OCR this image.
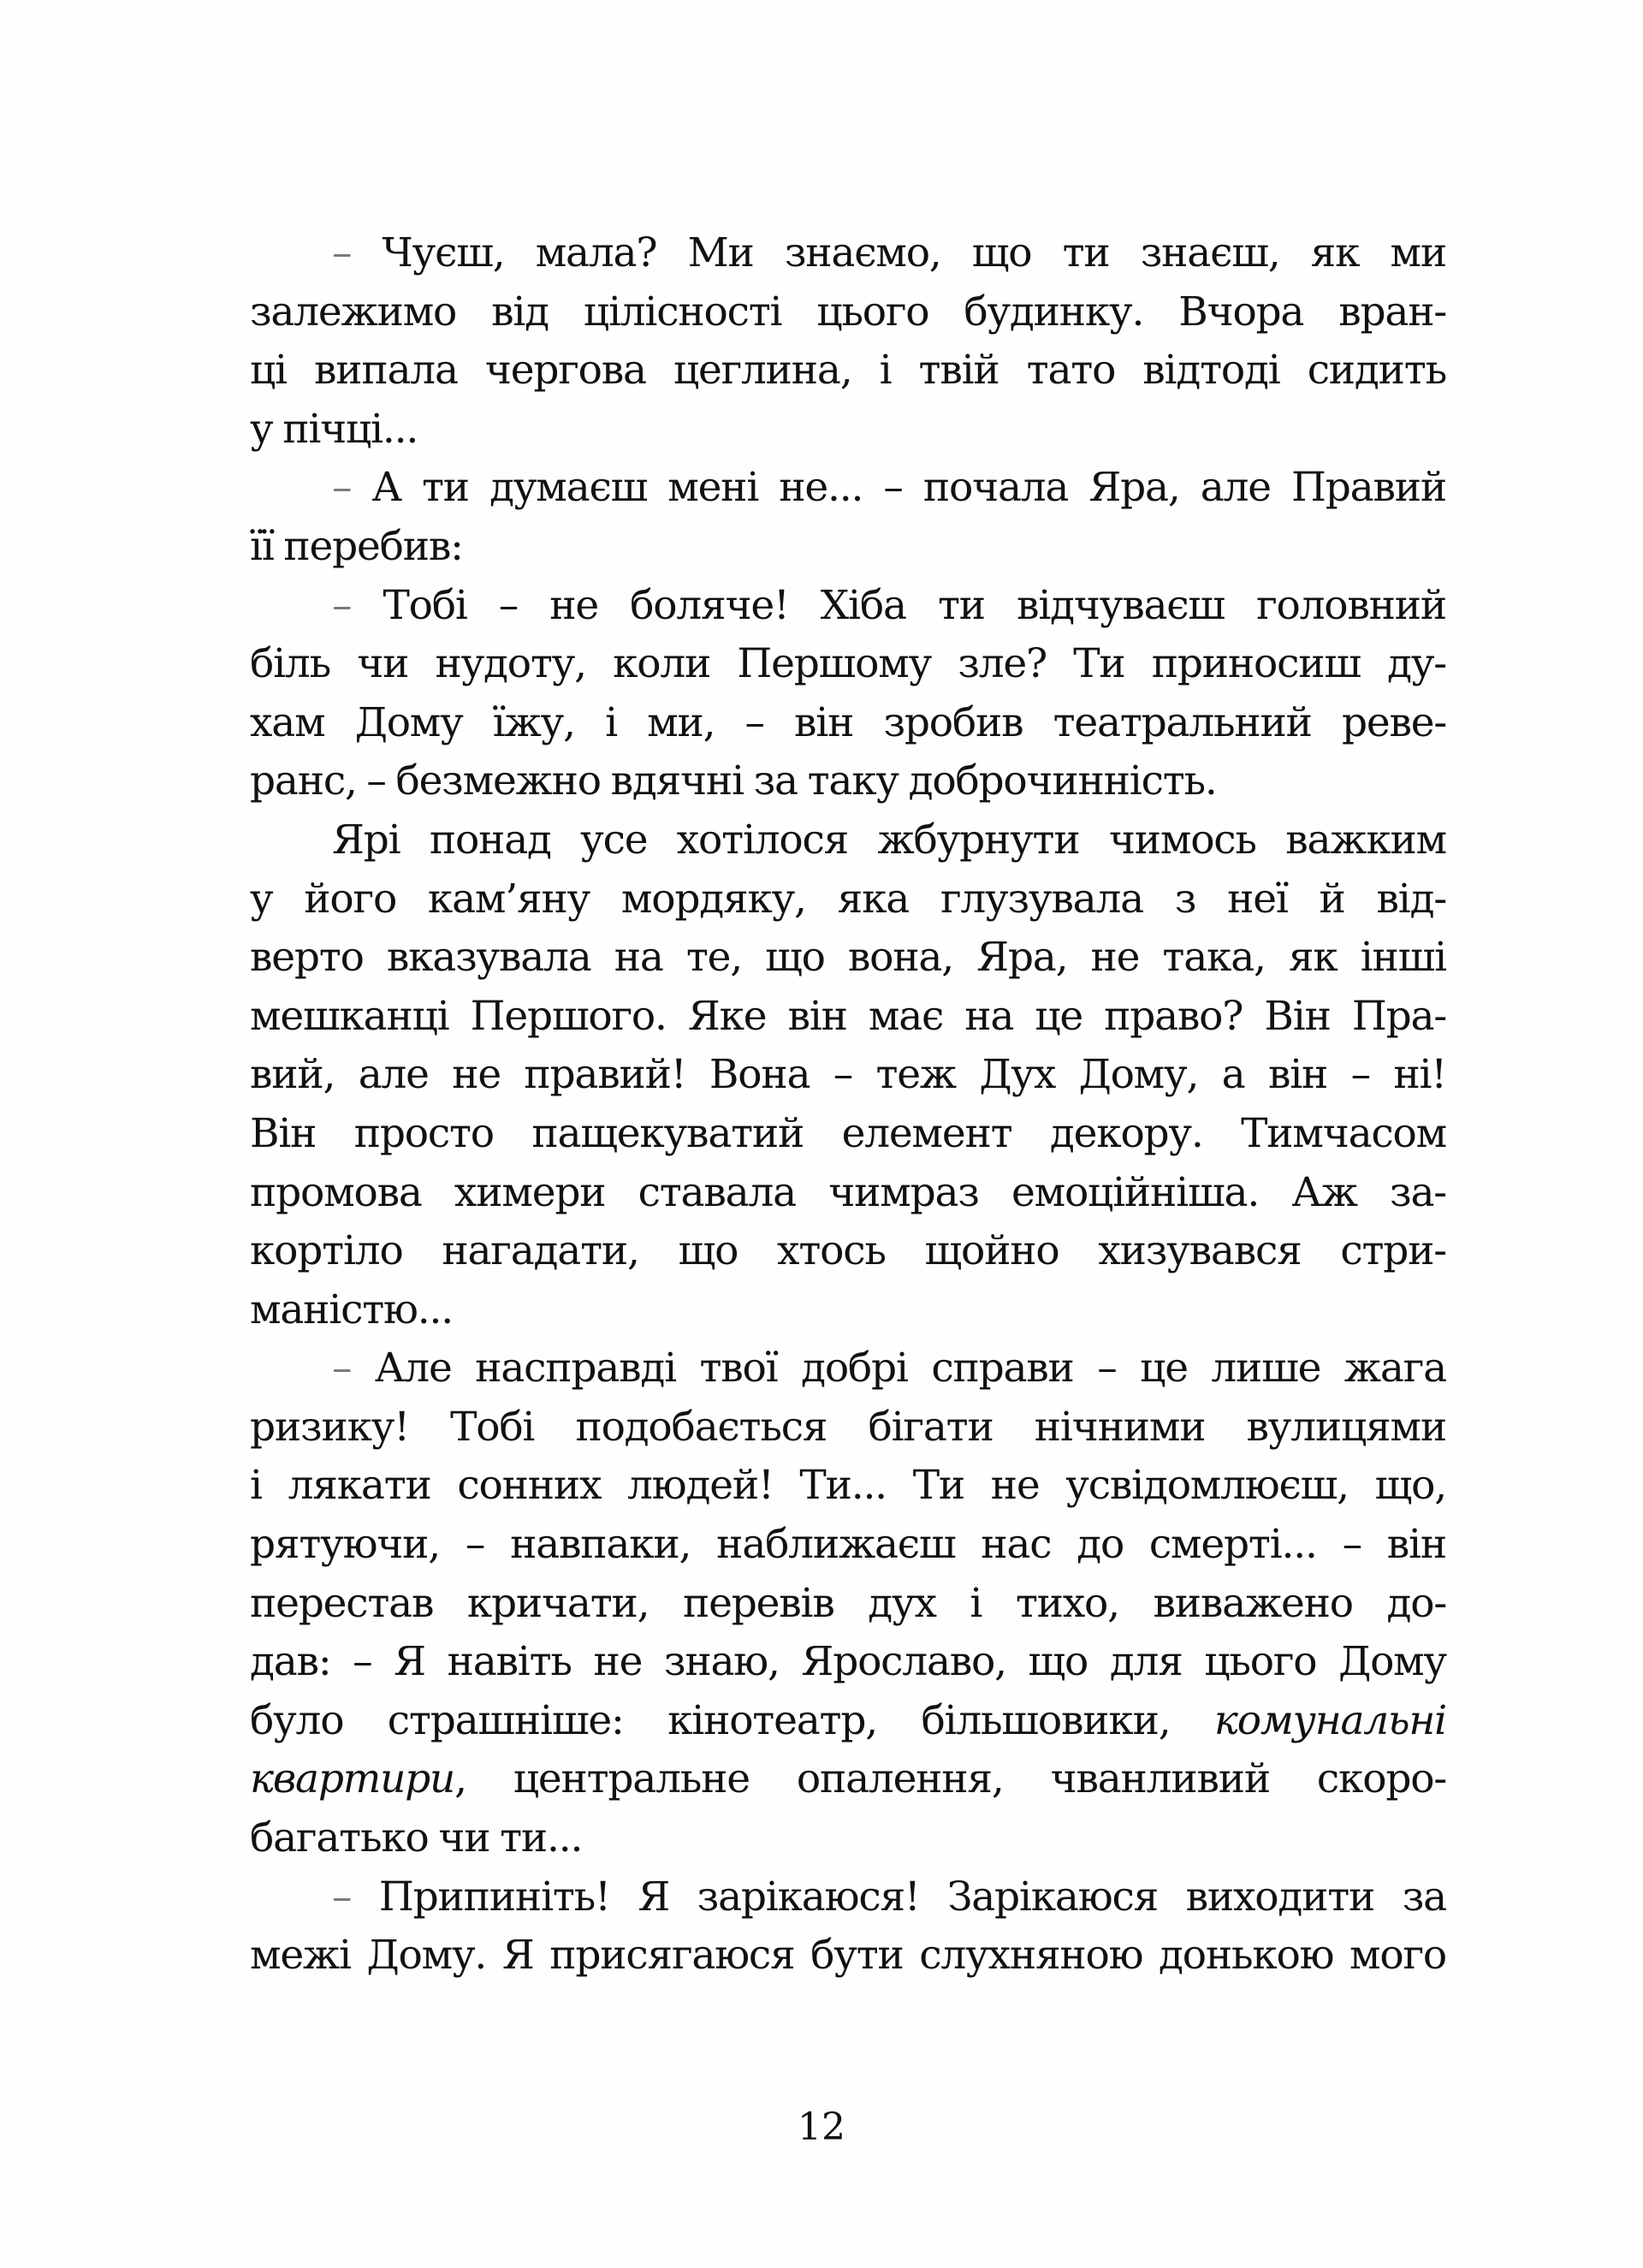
– Чуєш, мала? Ми знаємо, що ти знаєш, як ми
залежимо від цілісності цього будинку. Вчора вран-
ці випала чергова цеглина, і твій тато відтоді сидить
у пічці...
– А ти думаєш мені не... – почала Яра, але Правий
її перебив:
– Тобі – не боляче! Хіба ти відчуваєш головний
біль чи нудоту, коли Першому зле? Ти приносиш ду-
хам Дому їжу, і ми, – він зробив театральний реве-
ранс, – безмежно вдячні за таку доброчинність.
Ярі понад усе хотілося жбурнути чимось важким
у його кам’яну мордяку, яка глузувала з неї й від-
верто вказувала на те, що вона, Яра, не така, як інші
мешканці Першого. Яке він має на це право? Він Пра-
вий, але не правий! Вона – теж Дух Дому, а він – ні!
Він просто пащекуватий елемент декору. Тимчасом
промова химери ставала чимраз емоційніша. Аж за-
кортіло нагадати, що хтось щойно хизувався стри-
маністю...
– Але насправді твої добрі справи – це лише жага
ризику! Тобі подобається бігати нічними вулицями
і лякати сонних людей! Ти... Ти не усвідомлюєш, що,
рятуючи, – навпаки, наближаєш нас до смерті... – він
перестав кричати, перевів дух і тихо, виважено до-
дав: – Я навіть не знаю, Ярославо, що для цього Дому
було страшніше: кінотеатр, більшовики, комунальні
квартири, центральне опалення, чванливий скоро-
багатько чи ти...
– Припиніть! Я зарікаюся! Зарікаюся виходити за
межі Дому. Я присягаюся бути слухняною донькою мого
12
